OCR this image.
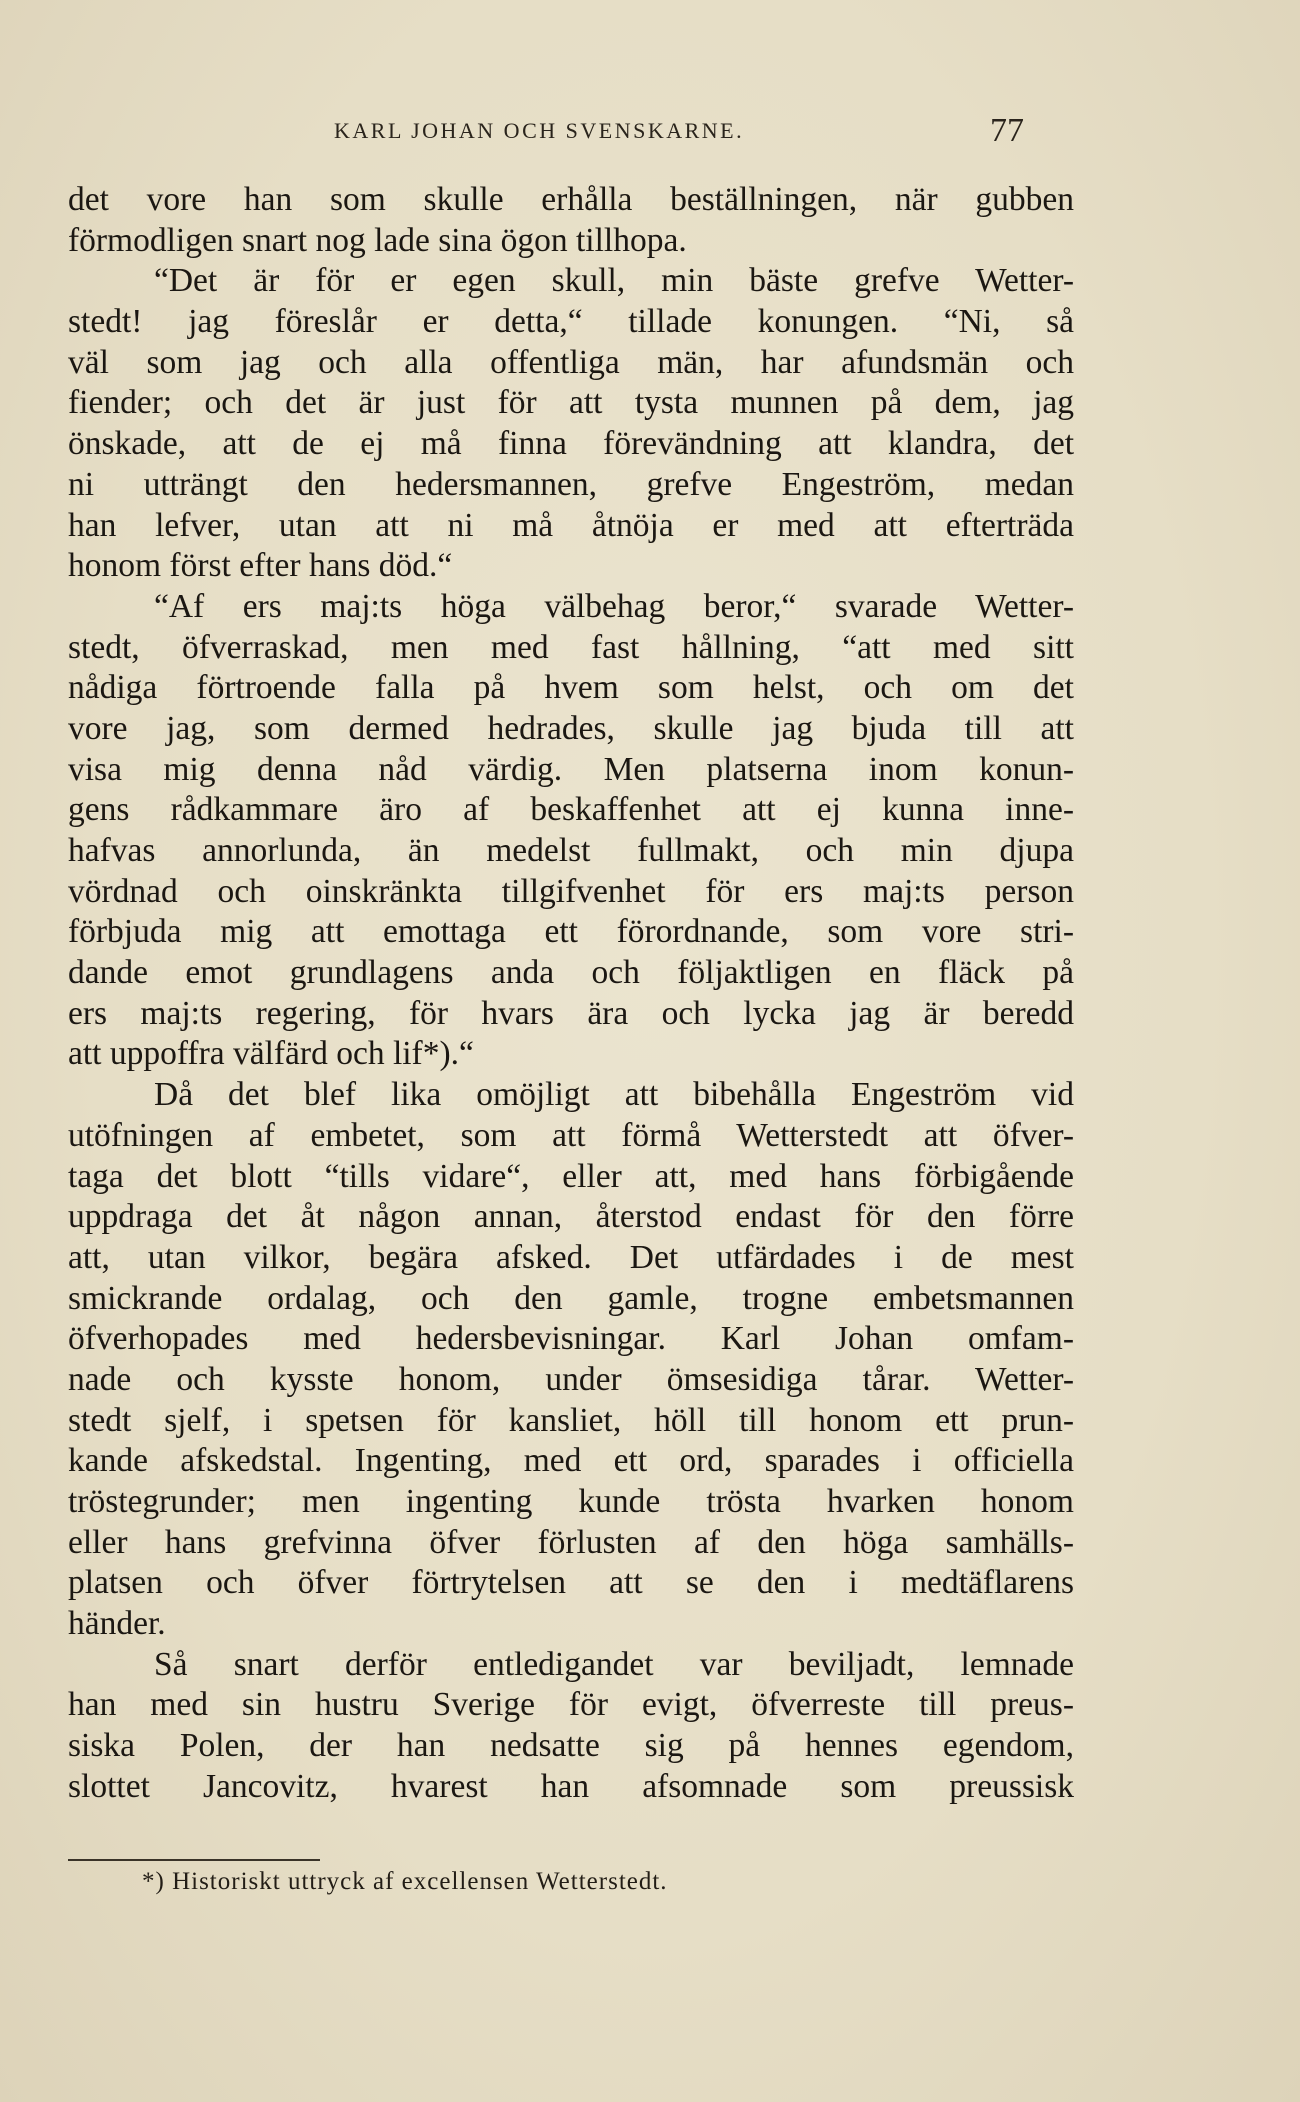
KARL JOHAN OCH SVENSKARNE.	77
det vore han som skulle erhålla beställningen, när gubben
förmodligen snart nog lade sina ögon tillhopa.
“Det är för er egen skull, min bäste grefve Wetter-
stedt! jag föreslår er detta,“ tillade konungen. “Ni, så
väl som jag och alla offentliga män, har afundsmän och
fiender; och det är just för att tysta munnen på dem, jag
önskade, att de ej må finna förevändning att klandra, det
ni utträngt den hedersmannen, grefve Engeström, medan
han lefver, utan att ni må åtnöja er med att efterträda
honom först efter hans död.“
“Af ers maj:ts höga välbehag beror,“ svarade Wetter-
stedt, öfverraskad, men med fast hållning, “att med sitt
nådiga förtroende falla på hvem som helst, och om det
vore jag, som dermed hedrades, skulle jag bjuda till att
visa mig denna nåd värdig. Men platserna inom konun-
gens rådkammare äro af beskaffenhet att ej kunna inne-
hafvas annorlunda, än medelst fullmakt, och min djupa
vördnad och oinskränkta tillgifvenhet för ers maj:ts person
förbjuda mig att emottaga ett förordnande, som vore stri-
dande emot grundlagens anda och följaktligen en fläck på
ers maj:ts regering, för hvars ära och lycka jag är beredd
att uppoffra välfärd och lif*).“
Då det blef lika omöjligt att bibehålla Engeström vid
utöfningen af embetet, som att förmå Wetterstedt att öfver-
taga det blott “tills vidare“, eller att, med hans förbigående
uppdraga det åt någon annan, återstod endast för den förre
att, utan vilkor, begära afsked. Det utfärdades i de mest
smickrande ordalag, och den gamle, trogne embetsmannen
öfverhopades med hedersbevisningar. Karl Johan omfam-
nade och kysste honom, under ömsesidiga tårar. Wetter-
stedt sjelf, i spetsen för kansliet, höll till honom ett prun-
kande afskedstal. Ingenting, med ett ord, sparades i officiella
tröstegrunder; men ingenting kunde trösta hvarken honom
eller hans grefvinna öfver förlusten af den höga samhälls-
platsen och öfver förtrytelsen att se den i medtäflarens
händer.
Så snart derför entledigandet var beviljadt, lemnade
han med sin hustru Sverige för evigt, öfverreste till preus-
siska Polen, der han nedsatte sig på hennes egendom,
slottet Jancovitz, hvarest han afsomnade som preussisk
*) Historiskt uttryck af excellensen Wetterstedt.
